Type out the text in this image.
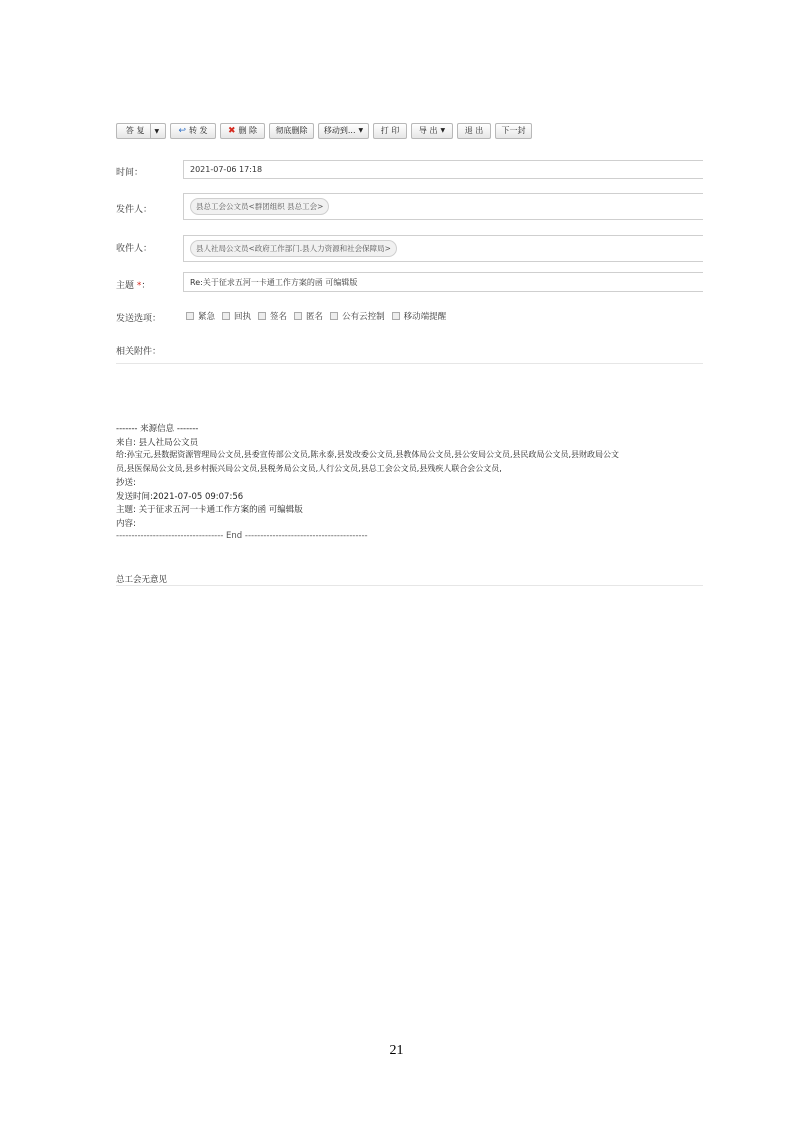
答 复	▼	↩ 转 发 ✖ 删 除 彻底删除 移动到... ▼ 打 印 导 出 ▼ 退 出 下一封
时间：	2021-07-06 17:18
发件人：	县总工会公文员<群团组织 县总工会>
收件人：	县人社局公文员<政府工作部门.县人力资源和社会保障局>
主题 *：	Re:关于征求五河一卡通工作方案的函 可编辑版
发送选项：	紧急 回执 签名 匿名 公有云控制 移动端提醒
相关附件：
------- 来源信息 -------
来自: 县人社局公文员
给:孙宝元,县数据资源管理局公文员,县委宣传部公文员,陈永泰,县发改委公文员,县教体局公文员,县公安局公文员,县民政局公文员,县财政局公文
员,县医保局公文员,县乡村振兴局公文员,县税务局公文员,人行公文员,县总工会公文员,县残疾人联合会公文员,
抄送:
发送时间:2021-07-05 09:07:56
主题: 关于征求五河一卡通工作方案的函 可编辑版
内容:
----------------------------------- End ----------------------------------------
总工会无意见
21
